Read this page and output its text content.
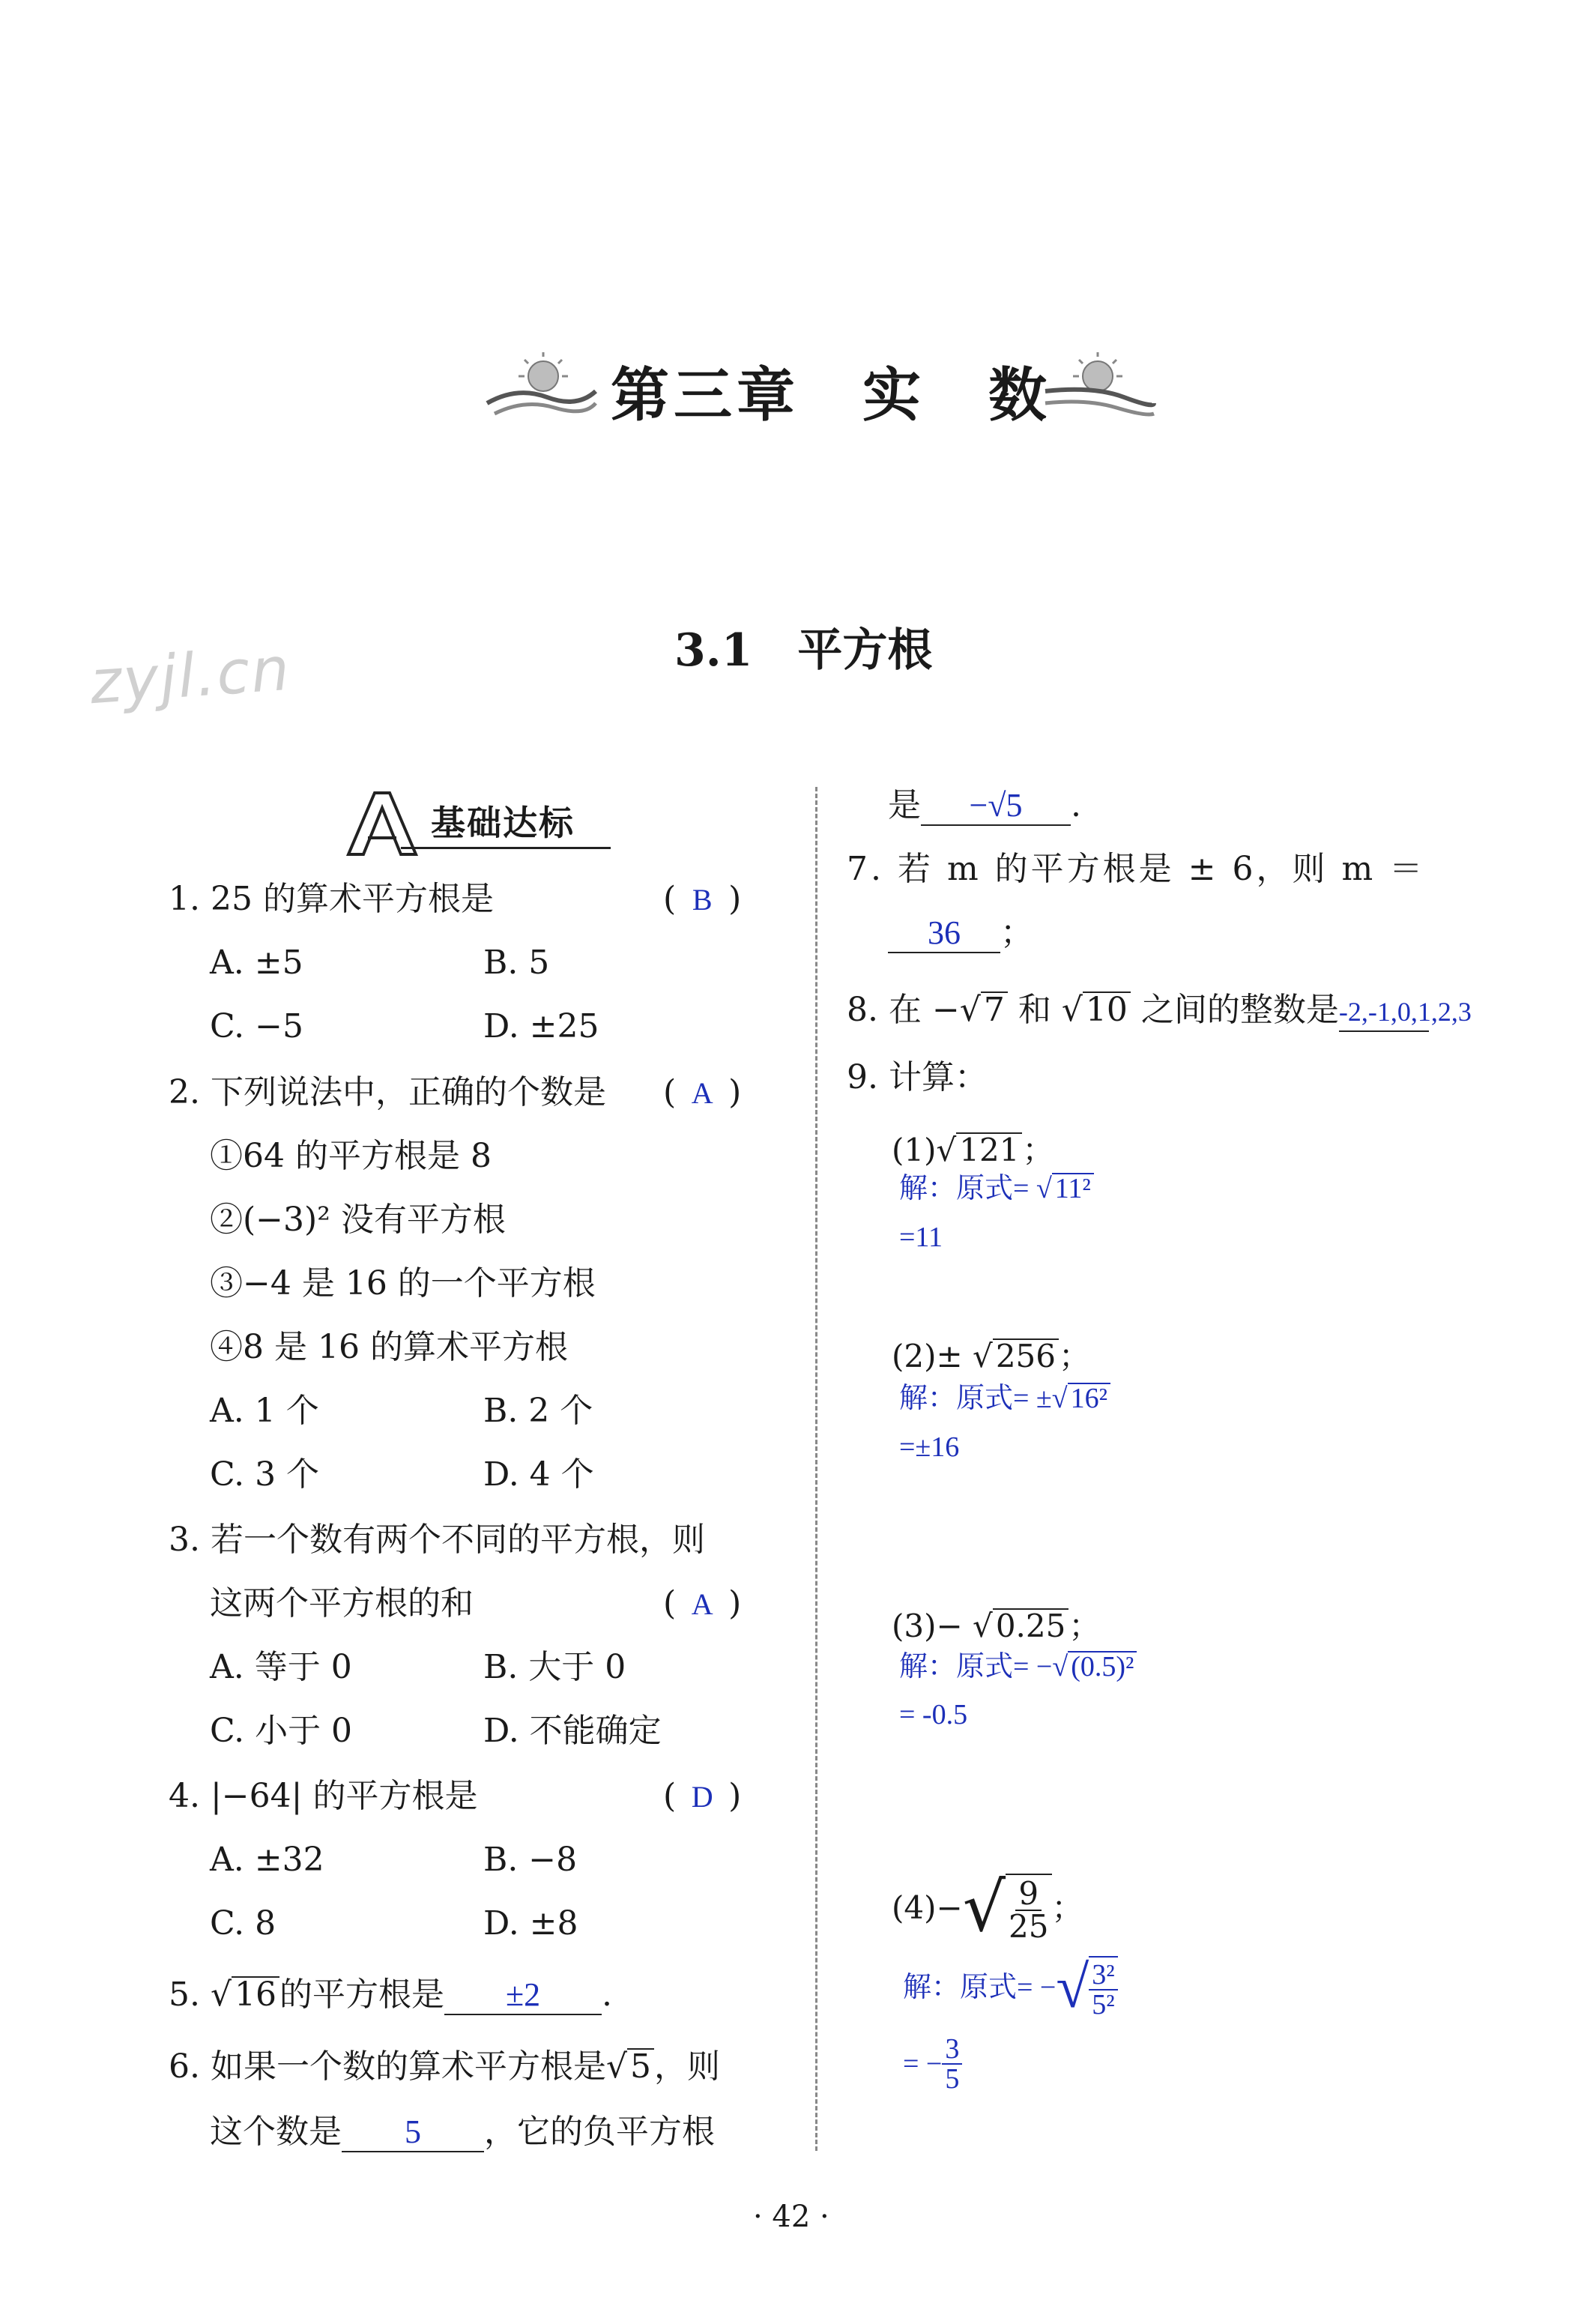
zyjl.cn
第三章　实　数
3.1　平方根
基础达标
1. 25 的算术平方根是	( B )
A. ±5	B. 5
C. −5	D. ±25
2. 下列说法中，正确的个数是 ( A )
①64 的平方根是 8
②(−3)² 没有平方根
③−4 是 16 的一个平方根
④8 是 16 的算术平方根
A. 1 个	B. 2 个
C. 3 个	D. 4 个
3. 若一个数有两个不同的平方根，则
这两个平方根的和	( A )
A. 等于 0	B. 大于 0
C. 小于 0	D. 不能确定
4. |−64| 的平方根是	( D )
A. ±32	B. −8
C. 8	D. ±8
5. √16的平方根是 ±2 .
6. 如果一个数的算术平方根是√5，则
这个数是 5 ，它的负平方根
是 −√5 .
7. 若 m 的平方根是 ± 6，则 m ＝
36 ；
8. 在 −√7 和 √10 之间的整数是-2,-1,0,1,2,3
9. 计算：
(1)√121；
解：原式= √ 11²
=11
(2)± √256；
解：原式= ±√ 16²
=±16
(3)− √0.25；
解：原式= −√ (0.5)²
= -0.5
$(4)-√ \frac{9}{25}$ ；
解：原式= −√ $\frac{\text{3²}}{\text{5²}}$
= − $\frac{3}{5}$
· 42 ·
